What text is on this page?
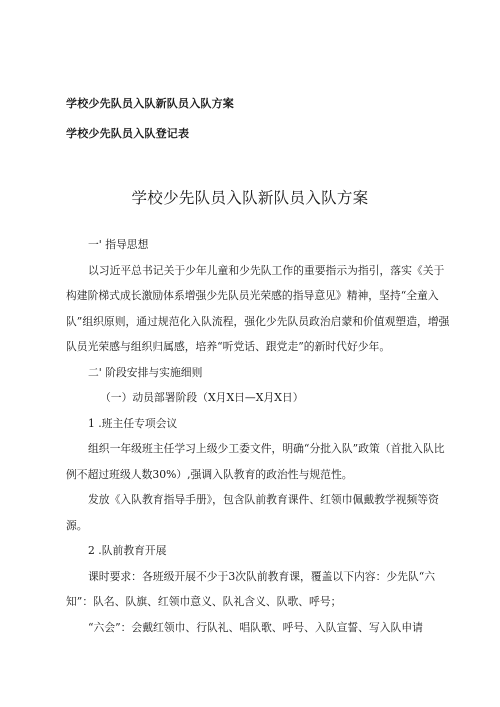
学校少先队员入队新队员入队方案
学校少先队员入队登记表
学校少先队员入队新队员入队方案

一' 指导思想

以习近平总书记关于少年儿童和少先队工作的重要指示为指引，落实《关于构建阶梯式成长激励体系增强少先队员光荣感的指导意见》精神，坚持“全童入队”组织原则，通过规范化入队流程，强化少先队员政治启蒙和价值观塑造，增强队员光荣感与组织归属感，培养“听党话、跟党走”的新时代好少年。

二' 阶段安排与实施细则

（一）动员部署阶段（X月X日—X月X日）

1 .班主任专项会议

组织一年级班主任学习上级少工委文件，明确“分批入队”政策（首批入队比例不超过班级人数30%）,强调入队教育的政治性与规范性。

发放《入队教育指导手册》，包含队前教育课件、红领巾佩戴教学视频等资源。

2 .队前教育开展

课时要求：各班级开展不少于3次队前教育课，覆盖以下内容：少先队“六知”：队名、队旗、红领巾意义、队礼含义、队歌、呼号；

“六会”：会戴红领巾、行队礼、唱队歌、呼号、入队宣誓、写入队申请
